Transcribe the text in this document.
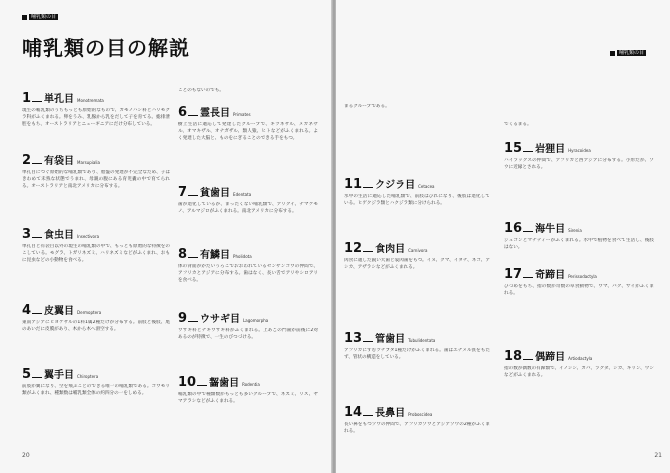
哺乳類の目
哺乳類の目の解説
1 単孔目 Monotremata
現生の哺乳類のうちもっとも原始的なもので、カモノハシ科とハリモグラ科がふくまれる。卵をうみ、乳腺から乳をだして子を育てる。総排泄腔をもち、オーストラリアとニューギニアにだけ分布している。
2 有袋目 Marsupialia
単孔目につぐ原始的な哺乳類であり、胎盤の発達が不完全なため、子はきわめて未熟な状態でうまれ、母親の腹にある育児嚢の中で育てられる。オーストラリアと南北アメリカに分布する。
3 食虫目 Insectivora
単孔目と有袋目以外の現生の哺乳類の中で、もっとも原始的な特徴をのこしている。モグラ、トガリネズミ、ハリネズミなどがふくまれ、おもに昆虫などの小動物を食べる。
4 皮翼目 Dermoptera
東南アジアにヒヨケザルの1科1属2種だけが分布する。前肢と後肢、尾のあいだに皮膜があり、木から木へ滑空する。
5 翼手目 Chiroptera
前肢が翼になり、空を飛ぶことのできる唯一の哺乳類である。コウモリ類がふくまれ、種類数は哺乳類全体の約四分の一をしめる。
ことのもないのでも。
6 霊長目 Primates
樹上生活に適応して発達したグループで、キツネザル、メガネザル、オマキザル、オナガザル、類人猿、ヒトなどがふくまれる。よく発達した大脳と、ものをにぎることのできる手をもつ。
7 貧歯目 Edentata
歯が退化しているか、まったくない哺乳類で、アリクイ、ナマケモノ、アルマジロがふくまれる。南北アメリカに分布する。
8 有鱗目 Pholidota
体の背面がかたいうろこでおおわれているセンザンコウの仲間で、アフリカとアジアに分布する。歯はなく、長い舌でアリやシロアリを食べる。
9 ウサギ目 Lagomorpha
ウサギ科とナキウサギ科がふくまれる。上あごの門歯が前後に2対あるのが特徴で、一生のびつづける。
10 齧歯目 Rodentia
哺乳類の中で種類数がもっとも多いグループで、ネズミ、リス、ヤマアラシなどがふくまれる。
20
哺乳類の目
まるグループである。
11 クジラ目 Cetacea
水中の生活に適応した哺乳類で、前肢はひれになり、後肢は退化している。ヒゲクジラ類とハクジラ類に分けられる。
12 食肉目 Carnivora
肉食に適した鋭い犬歯と裂肉歯をもつ。イヌ、クマ、イタチ、ネコ、アシカ、アザラシなどがふくまれる。
13 管歯目 Tubulidentata
アフリカにすむツチブタ1種だけがふくまれる。歯はエナメル質をもたず、管状の構造をしている。
14 長鼻目 Proboscidea
長い鼻をもつゾウの仲間で、アフリカゾウとアジアゾウの2種がふくまれる。
でくるまる。
15 岩狸目 Hyracoidea
ハイラックスの仲間で、アフリカと西アジアに分布する。小形だが、ゾウに近縁とされる。
16 海牛目 Sirenia
ジュゴンとマナティーがふくまれる。水中で植物を食べて生活し、後肢はない。
17 奇蹄目 Perissodactyla
ひづめをもち、指の数が奇数の草食動物で、ウマ、バク、サイがふくまれる。
18 偶蹄目 Artiodactyla
指の数が偶数の有蹄類で、イノシシ、カバ、ラクダ、シカ、キリン、ウシなどがふくまれる。
21
